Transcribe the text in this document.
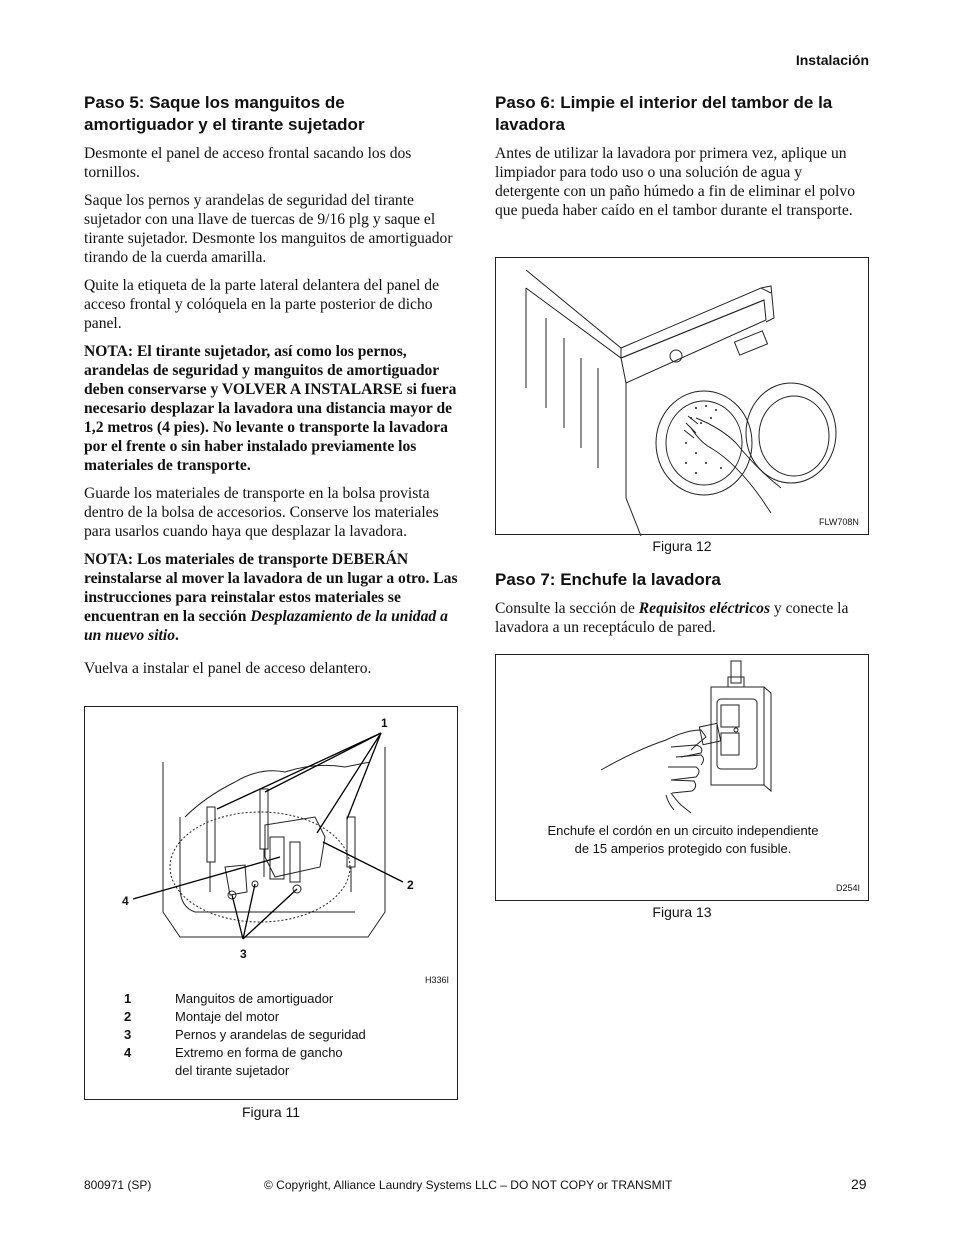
Instalación
Paso 5: Saque los manguitos de amortiguador y el tirante sujetador

Desmonte el panel de acceso frontal sacando los dos tornillos.

Saque los pernos y arandelas de seguridad del tirante sujetador con una llave de tuercas de 9/16 plg y saque el tirante sujetador. Desmonte los manguitos de amortiguador tirando de la cuerda amarilla.

Quite la etiqueta de la parte lateral delantera del panel de acceso frontal y colóquela en la parte posterior de dicho panel.

NOTA: El tirante sujetador, así como los pernos, arandelas de seguridad y manguitos de amortiguador deben conservarse y VOLVER A INSTALARSE si fuera necesario desplazar la lavadora una distancia mayor de 1,2 metros (4 pies). No levante o transporte la lavadora por el frente o sin haber instalado previamente los materiales de transporte.

Guarde los materiales de transporte en la bolsa provista dentro de la bolsa de accesorios. Conserve los materiales para usarlos cuando haya que desplazar la lavadora.

NOTA: Los materiales de transporte DEBERÁN reinstalarse al mover la lavadora de un lugar a otro. Las instrucciones para reinstalar estos materiales se encuentran en la sección Desplazamiento de la unidad a un nuevo sitio.

Vuelva a instalar el panel de acceso delantero.

1
2
3
4
H336I
1	Manguitos de amortiguador
2	Montaje del motor
3	Pernos y arandelas de seguridad
4	Extremo en forma de gancho
del tirante sujetador
Figura 11
Paso 6: Limpie el interior del tambor de la lavadora

Antes de utilizar la lavadora por primera vez, aplique un limpiador para todo uso o una solución de agua y detergente con un paño húmedo a fin de eliminar el polvo que pueda haber caído en el tambor durante el transporte.

FLW708N
Figura 12
Paso 7: Enchufe la lavadora

Consulte la sección de Requisitos eléctricos y conecte la lavadora a un receptáculo de pared.

Enchufe el cordón en un circuito independiente
de 15 amperios protegido con fusible.
D254I
Figura 13
800971 (SP)	© Copyright, Alliance Laundry Systems LLC – DO NOT COPY or TRANSMIT	29
